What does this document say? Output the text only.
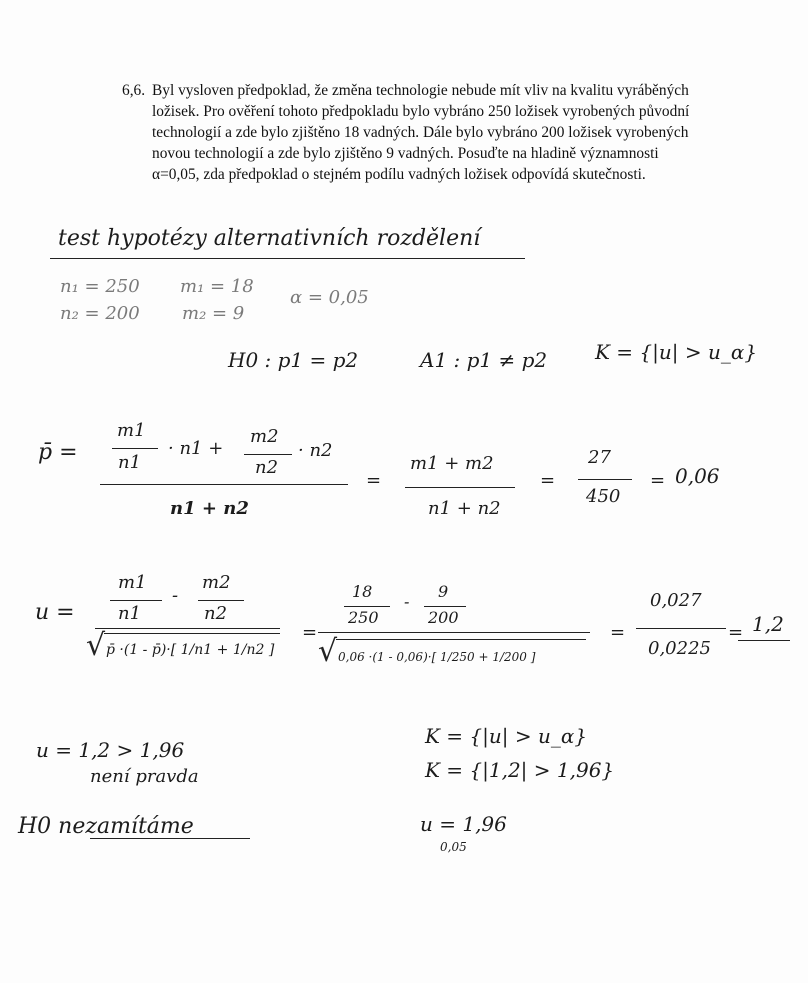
6,6. Byl vysloven předpoklad, že změna technologie nebude mít vliv na kvalitu vyráběných
ložisek. Pro ověření tohoto předpokladu bylo vybráno 250 ložisek vyrobených původní
technologií a zde bylo zjištěno 18 vadných. Dále bylo vybráno 200 ložisek vyrobených
novou technologií a zde bylo zjištěno 9 vadných. Posuďte na hladině významnosti
α=0,05, zda předpoklad o stejném podílu vadných ložisek odpovídá skutečnosti.
test hypotézy alternativních rozdělení
n₁ = 250
n₂ = 200
m₁ = 18
m₂ = 9
α = 0,05
H0 : p1 = p2	A1 : p1 ≠ p2 K = {|u| > u_α}
p̄ =
m1
n1
· n1 +
m2
n2
· n2
n1 + n2
=
m1 + m2
n1 + n2
=
27
450
= 0,06
u =
m1
n1
-
m2
n2
√ p̄ ·(1 - p̄)·[ 1/n1 + 1/n2 ]
=
18
250
-
9
200
√ 0,06 ·(1 - 0,06)·[ 1/250 + 1/200 ]
=
0,027
0,0225
= 1,2
u = 1,2 > 1,96
není pravda
H0 nezamítáme
K = {|u| > u_α}
K = {|1,2| > 1,96}
u = 1,96
0,05
